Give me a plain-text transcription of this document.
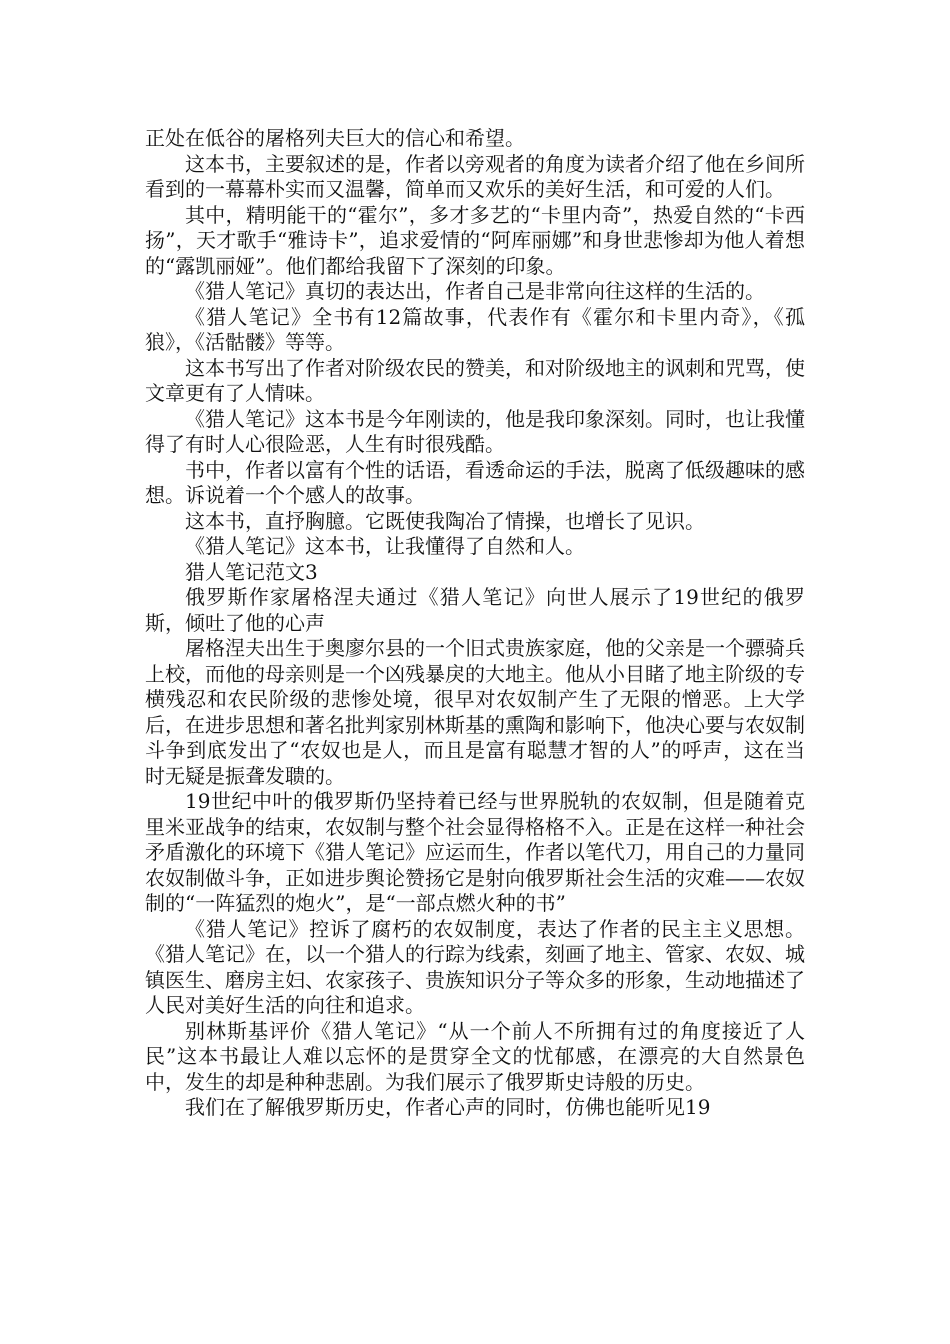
正处在低谷的屠格列夫巨大的信心和希望。

这本书，主要叙述的是，作者以旁观者的角度为读者介绍了他在乡间所看到的一幕幕朴实而又温馨，简单而又欢乐的美好生活，和可爱的人们。

其中，精明能干的“霍尔”，多才多艺的“卡里内奇”，热爱自然的“卡西扬”，天才歌手“雅诗卡”，追求爱情的“阿库丽娜”和身世悲惨却为他人着想的“露凯丽娅”。他们都给我留下了深刻的印象。

《猎人笔记》真切的表达出，作者自己是非常向往这样的生活的。

《猎人笔记》全书有12篇故事，代表作有《霍尔和卡里内奇》，《孤狼》，《活骷髅》等等。

这本书写出了作者对阶级农民的赞美，和对阶级地主的讽刺和咒骂，使文章更有了人情味。

《猎人笔记》这本书是今年刚读的，他是我印象深刻。同时，也让我懂得了有时人心很险恶，人生有时很残酷。

书中，作者以富有个性的话语，看透命运的手法，脱离了低级趣味的感想。诉说着一个个感人的故事。

这本书，直抒胸臆。它既使我陶冶了情操，也增长了见识。

《猎人笔记》这本书，让我懂得了自然和人。

猎人笔记范文3

俄罗斯作家屠格涅夫通过《猎人笔记》向世人展示了19世纪的俄罗斯，倾吐了他的心声

屠格涅夫出生于奥廖尔县的一个旧式贵族家庭，他的父亲是一个骠骑兵上校，而他的母亲则是一个凶残暴戾的大地主。他从小目睹了地主阶级的专横残忍和农民阶级的悲惨处境，很早对农奴制产生了无限的憎恶。上大学后，在进步思想和著名批判家别林斯基的熏陶和影响下，他决心要与农奴制斗争到底发出了“农奴也是人，而且是富有聪慧才智的人”的呼声，这在当时无疑是振聋发聩的。

19世纪中叶的俄罗斯仍坚持着已经与世界脱轨的农奴制，但是随着克里米亚战争的结束，农奴制与整个社会显得格格不入。正是在这样一种社会矛盾激化的环境下《猎人笔记》应运而生，作者以笔代刀，用自己的力量同农奴制做斗争，正如进步舆论赞扬它是射向俄罗斯社会生活的灾难——农奴制的“一阵猛烈的炮火”，是“一部点燃火种的书”

《猎人笔记》控诉了腐朽的农奴制度，表达了作者的民主主义思想。《猎人笔记》在，以一个猎人的行踪为线索，刻画了地主、管家、农奴、城镇医生、磨房主妇、农家孩子、贵族知识分子等众多的形象，生动地描述了人民对美好生活的向往和追求。

别林斯基评价《猎人笔记》“从一个前人不所拥有过的角度接近了人民”这本书最让人难以忘怀的是贯穿全文的忧郁感，在漂亮的大自然景色中，发生的却是种种悲剧。为我们展示了俄罗斯史诗般的历史。

我们在了解俄罗斯历史，作者心声的同时，仿佛也能听见19
